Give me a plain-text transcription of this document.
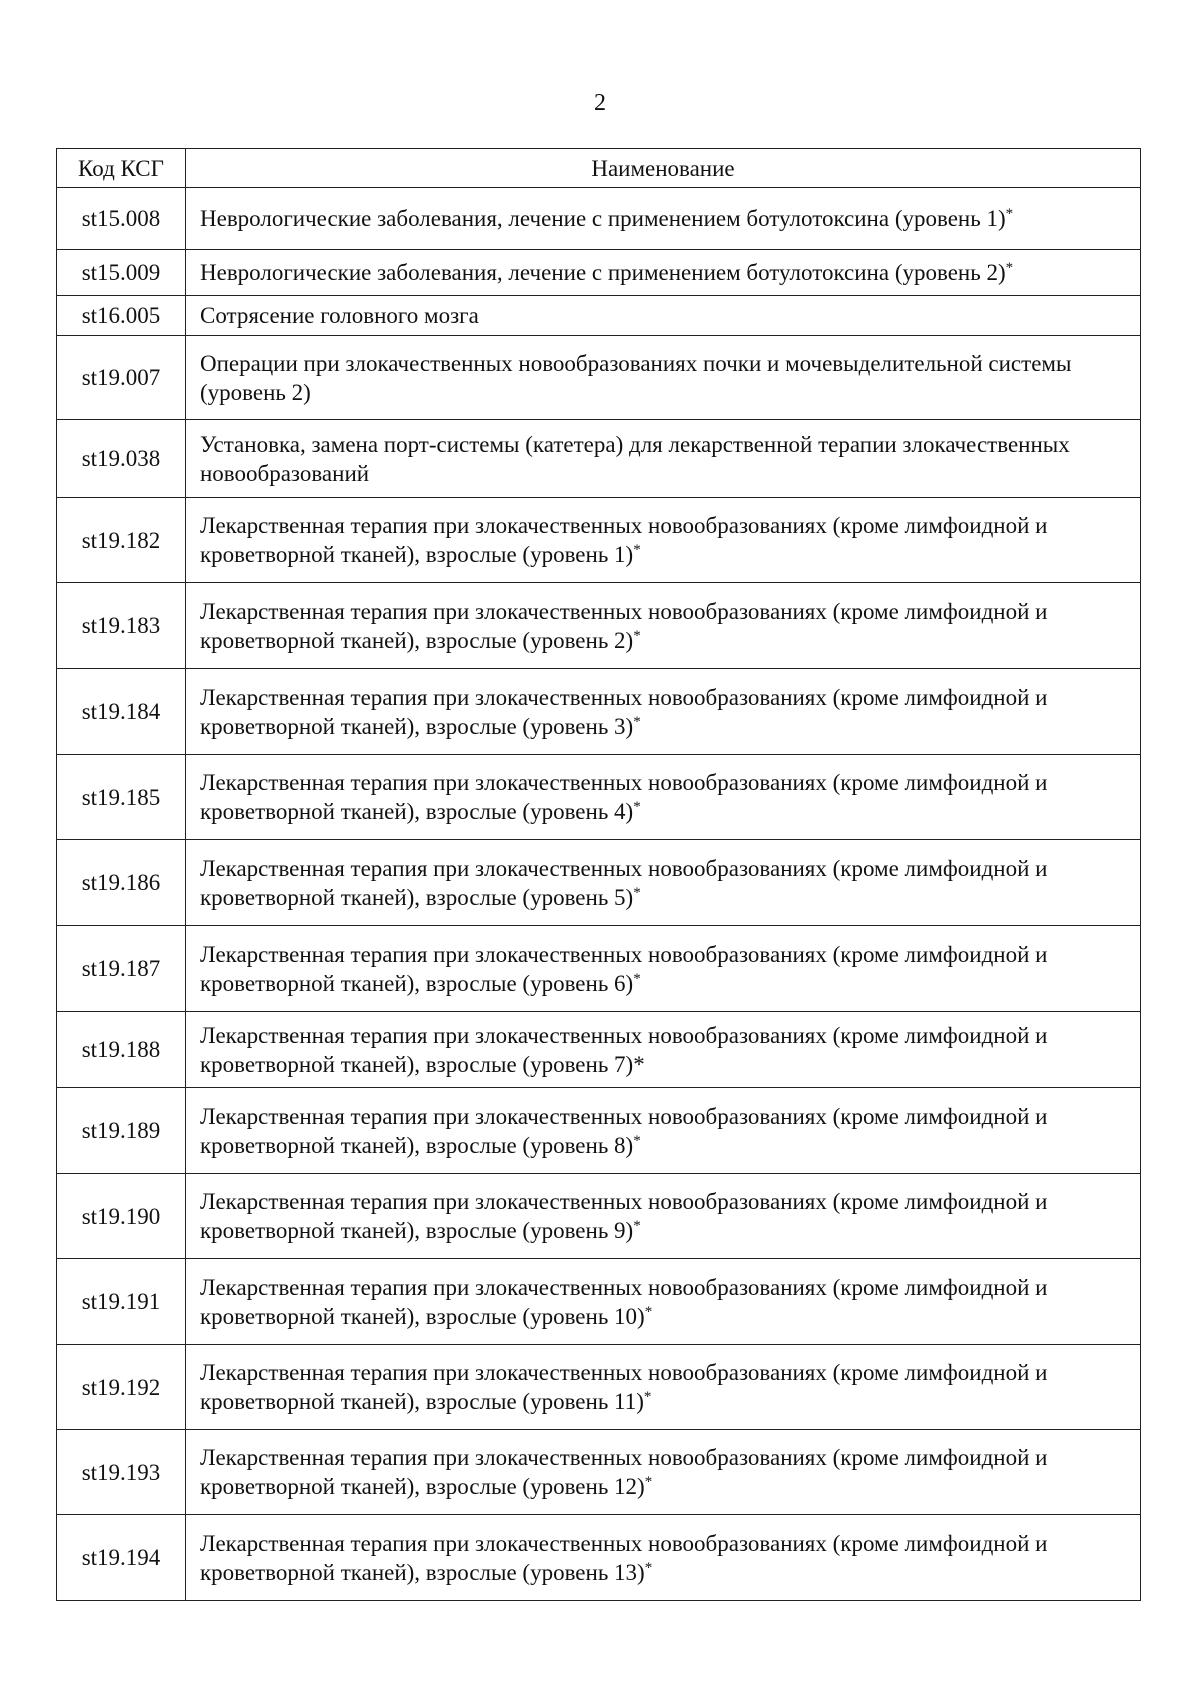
2
Код КСГ	Наименование
st15.008	Неврологические заболевания, лечение с применением ботулотоксина (уровень 1)*
st15.009	Неврологические заболевания, лечение с применением ботулотоксина (уровень 2)*
st16.005	Сотрясение головного мозга
st19.007	Операции при злокачественных новообразованиях почки и мочевыделительной системы (уровень 2)
st19.038	Установка, замена порт-системы (катетера) для лекарственной терапии злокачественных новообразований
st19.182	Лекарственная терапия при злокачественных новообразованиях (кроме лимфоидной и кроветворной тканей), взрослые (уровень 1)*
st19.183	Лекарственная терапия при злокачественных новообразованиях (кроме лимфоидной и кроветворной тканей), взрослые (уровень 2)*
st19.184	Лекарственная терапия при злокачественных новообразованиях (кроме лимфоидной и кроветворной тканей), взрослые (уровень 3)*
st19.185	Лекарственная терапия при злокачественных новообразованиях (кроме лимфоидной и кроветворной тканей), взрослые (уровень 4)*
st19.186	Лекарственная терапия при злокачественных новообразованиях (кроме лимфоидной и кроветворной тканей), взрослые (уровень 5)*
st19.187	Лекарственная терапия при злокачественных новообразованиях (кроме лимфоидной и кроветворной тканей), взрослые (уровень 6)*
st19.188	Лекарственная терапия при злокачественных новообразованиях (кроме лимфоидной и кроветворной тканей), взрослые (уровень 7)*
st19.189	Лекарственная терапия при злокачественных новообразованиях (кроме лимфоидной и кроветворной тканей), взрослые (уровень 8)*
st19.190	Лекарственная терапия при злокачественных новообразованиях (кроме лимфоидной и кроветворной тканей), взрослые (уровень 9)*
st19.191	Лекарственная терапия при злокачественных новообразованиях (кроме лимфоидной и кроветворной тканей), взрослые (уровень 10)*
st19.192	Лекарственная терапия при злокачественных новообразованиях (кроме лимфоидной и кроветворной тканей), взрослые (уровень 11)*
st19.193	Лекарственная терапия при злокачественных новообразованиях (кроме лимфоидной и кроветворной тканей), взрослые (уровень 12)*
st19.194	Лекарственная терапия при злокачественных новообразованиях (кроме лимфоидной и кроветворной тканей), взрослые (уровень 13)*
